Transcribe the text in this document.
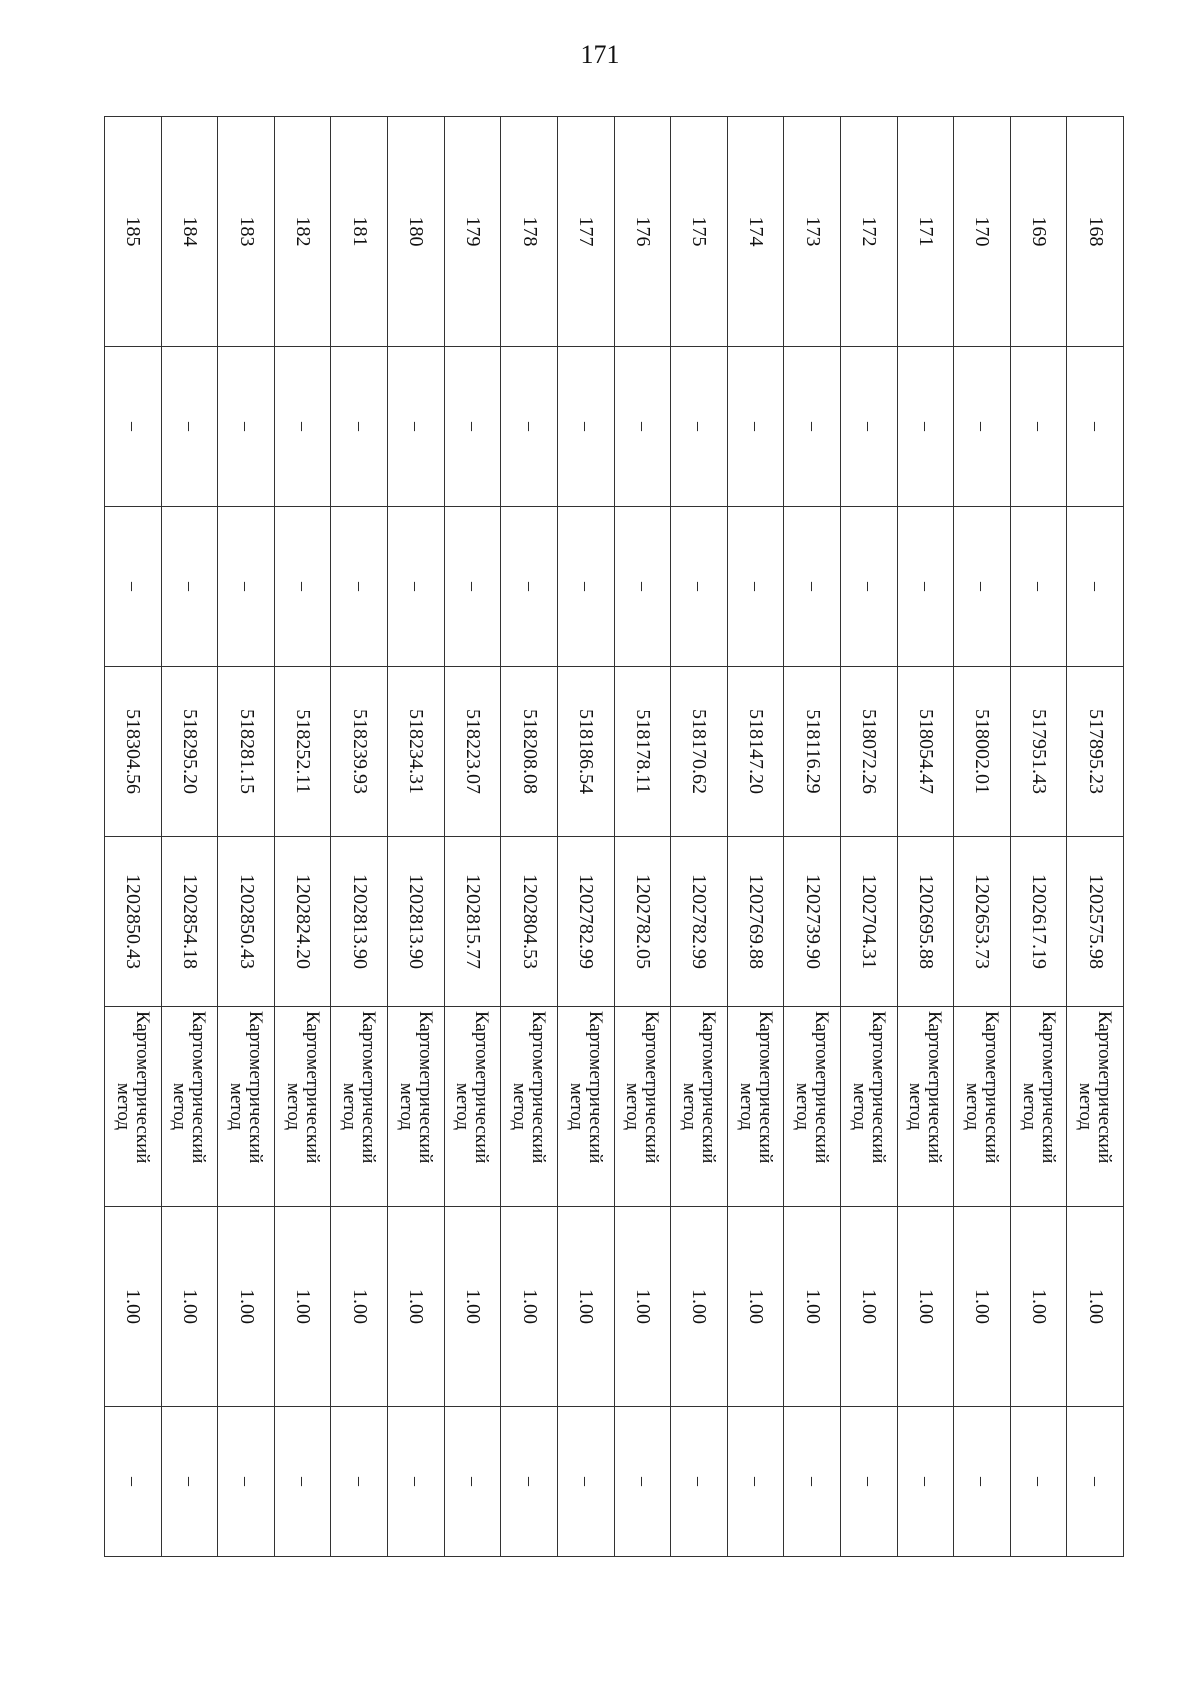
171
168	–	–	517895.23	1202575.98	Картометрический
метод	1.00	–
169	–	–	517951.43	1202617.19	Картометрический
метод	1.00	–
170	–	–	518002.01	1202653.73	Картометрический
метод	1.00	–
171	–	–	518054.47	1202695.88	Картометрический
метод	1.00	–
172	–	–	518072.26	1202704.31	Картометрический
метод	1.00	–
173	–	–	518116.29	1202739.90	Картометрический
метод	1.00	–
174	–	–	518147.20	1202769.88	Картометрический
метод	1.00	–
175	–	–	518170.62	1202782.99	Картометрический
метод	1.00	–
176	–	–	518178.11	1202782.05	Картометрический
метод	1.00	–
177	–	–	518186.54	1202782.99	Картометрический
метод	1.00	–
178	–	–	518208.08	1202804.53	Картометрический
метод	1.00	–
179	–	–	518223.07	1202815.77	Картометрический
метод	1.00	–
180	–	–	518234.31	1202813.90	Картометрический
метод	1.00	–
181	–	–	518239.93	1202813.90	Картометрический
метод	1.00	–
182	–	–	518252.11	1202824.20	Картометрический
метод	1.00	–
183	–	–	518281.15	1202850.43	Картометрический
метод	1.00	–
184	–	–	518295.20	1202854.18	Картометрический
метод	1.00	–
185	–	–	518304.56	1202850.43	Картометрический
метод	1.00	–
